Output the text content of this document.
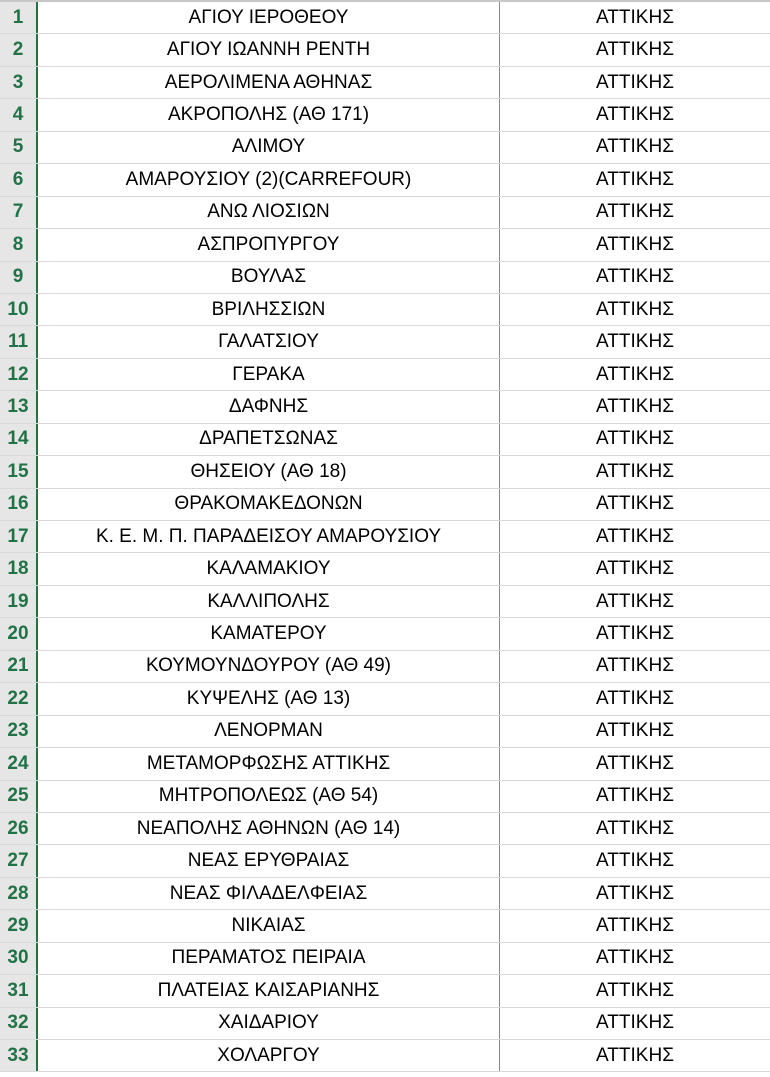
1	ΑΓΙΟΥ ΙΕΡΟΘΕΟΥ	ΑΤΤΙΚΗΣ
2	ΑΓΙΟΥ ΙΩΑΝΝΗ ΡΕΝΤΗ	ΑΤΤΙΚΗΣ
3	ΑΕΡΟΛΙΜΕΝΑ ΑΘΗΝΑΣ	ΑΤΤΙΚΗΣ
4	ΑΚΡΟΠΟΛΗΣ (ΑΘ 171)	ΑΤΤΙΚΗΣ
5	ΑΛΙΜΟΥ	ΑΤΤΙΚΗΣ
6	ΑΜΑΡΟΥΣΙΟΥ (2)(CARREFOUR)	ΑΤΤΙΚΗΣ
7	ΑΝΩ ΛΙΟΣΙΩΝ	ΑΤΤΙΚΗΣ
8	ΑΣΠΡΟΠΥΡΓΟΥ	ΑΤΤΙΚΗΣ
9	ΒΟΥΛΑΣ	ΑΤΤΙΚΗΣ
10	ΒΡΙΛΗΣΣΙΩΝ	ΑΤΤΙΚΗΣ
11	ΓΑΛΑΤΣΙΟΥ	ΑΤΤΙΚΗΣ
12	ΓΕΡΑΚΑ	ΑΤΤΙΚΗΣ
13	ΔΑΦΝΗΣ	ΑΤΤΙΚΗΣ
14	ΔΡΑΠΕΤΣΩΝΑΣ	ΑΤΤΙΚΗΣ
15	ΘΗΣΕΙΟΥ (ΑΘ 18)	ΑΤΤΙΚΗΣ
16	ΘΡΑΚΟΜΑΚΕΔΟΝΩΝ	ΑΤΤΙΚΗΣ
17	Κ. Ε. Μ. Π. ΠΑΡΑΔΕΙΣΟΥ ΑΜΑΡΟΥΣΙΟΥ	ΑΤΤΙΚΗΣ
18	ΚΑΛΑΜΑΚΙΟΥ	ΑΤΤΙΚΗΣ
19	ΚΑΛΛΙΠΟΛΗΣ	ΑΤΤΙΚΗΣ
20	ΚΑΜΑΤΕΡΟΥ	ΑΤΤΙΚΗΣ
21	ΚΟΥΜΟΥΝΔΟΥΡΟΥ (ΑΘ 49)	ΑΤΤΙΚΗΣ
22	ΚΥΨΕΛΗΣ (ΑΘ 13)	ΑΤΤΙΚΗΣ
23	ΛΕΝΟΡΜΑΝ	ΑΤΤΙΚΗΣ
24	ΜΕΤΑΜΟΡΦΩΣΗΣ ΑΤΤΙΚΗΣ	ΑΤΤΙΚΗΣ
25	ΜΗΤΡΟΠΟΛΕΩΣ (ΑΘ 54)	ΑΤΤΙΚΗΣ
26	ΝΕΑΠΟΛΗΣ ΑΘΗΝΩΝ (ΑΘ 14)	ΑΤΤΙΚΗΣ
27	ΝΕΑΣ ΕΡΥΘΡΑΙΑΣ	ΑΤΤΙΚΗΣ
28	ΝΕΑΣ ΦΙΛΑΔΕΛΦΕΙΑΣ	ΑΤΤΙΚΗΣ
29	ΝΙΚΑΙΑΣ	ΑΤΤΙΚΗΣ
30	ΠΕΡΑΜΑΤΟΣ ΠΕΙΡΑΙΑ	ΑΤΤΙΚΗΣ
31	ΠΛΑΤΕΙΑΣ ΚΑΙΣΑΡΙΑΝΗΣ	ΑΤΤΙΚΗΣ
32	ΧΑΙΔΑΡΙΟΥ	ΑΤΤΙΚΗΣ
33	ΧΟΛΑΡΓΟΥ	ΑΤΤΙΚΗΣ
